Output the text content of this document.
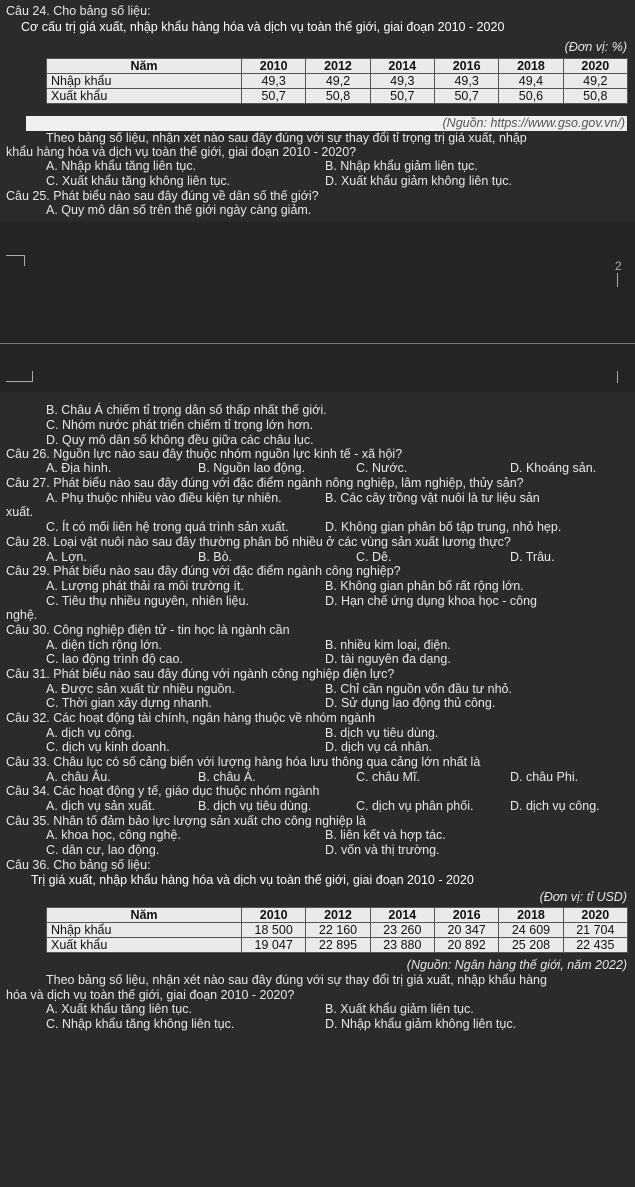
Câu 24. Cho bảng số liệu:
Cơ cấu trị giá xuất, nhập khẩu hàng hóa và dịch vụ toàn thế giới, giai đoạn 2010 - 2020
(Đơn vị: %)
Năm	2010	2012	2014	2016	2018	2020
Nhập khẩu	49,3	49,2	49,3	49,3	49,4	49,2
Xuất khẩu	50,7	50,8	50,7	50,7	50,6	50,8
(Nguồn: https://www.gso.gov.vn/)
Theo bảng số liệu, nhận xét nào sau đây đúng với sự thay đổi tỉ trọng trị giá xuất, nhập
khẩu hàng hóa và dịch vụ toàn thế giới, giai đoạn 2010 - 2020?
A. Nhập khẩu tăng liên tục.	B. Nhập khẩu giảm liên tục.
C. Xuất khẩu tăng không liên tục.	D. Xuất khẩu giảm không liên tục.
Câu 25. Phát biểu nào sau đây đúng về dân số thế giới?
A. Quy mô dân số trên thế giới ngày càng giảm.
2
B. Châu Á chiếm tỉ trọng dân số thấp nhất thế giới.
C. Nhóm nước phát triển chiếm tỉ trọng lớn hơn.
D. Quy mô dân số không đều giữa các châu lục.
Câu 26. Nguồn lực nào sau đây thuộc nhóm nguồn lực kinh tế - xã hội?
A. Địa hình.	B. Nguồn lao động.	C. Nước.	D. Khoáng sản.
Câu 27. Phát biểu nào sau đây đúng với đặc điểm ngành nông nghiệp, lâm nghiệp, thủy sản?
A. Phụ thuộc nhiều vào điều kiện tự nhiên.	B. Các cây trồng vật nuôi là tư liệu sản
xuất.
C. Ít có mối liên hệ trong quá trình sản xuất.	D. Không gian phân bố tập trung, nhỏ hẹp.
Câu 28. Loại vật nuôi nào sau đây thường phân bố nhiều ở các vùng sản xuất lương thực?
A. Lợn.	B. Bò.	C. Dê.	D. Trâu.
Câu 29. Phát biểu nào sau đây đúng với đặc điểm ngành công nghiệp?
A. Lượng phát thải ra môi trường ít.	B. Không gian phân bố rất rộng lớn.
C. Tiêu thụ nhiều nguyên, nhiên liệu.	D. Hạn chế ứng dụng khoa học - công
nghệ.
Câu 30. Công nghiệp điện tử - tin học là ngành cần
A. diện tích rộng lớn.	B. nhiều kim loại, điện.
C. lao động trình độ cao.	D. tài nguyên đa dạng.
Câu 31. Phát biểu nào sau đây đúng với ngành công nghiệp điện lực?
A. Được sản xuất từ nhiều nguồn.	B. Chỉ cần nguồn vốn đầu tư nhỏ.
C. Thời gian xây dựng nhanh.	D. Sử dụng lao động thủ công.
Câu 32. Các hoạt động tài chính, ngân hàng thuộc về nhóm ngành
A. dịch vụ công.	B. dịch vụ tiêu dùng.
C. dịch vụ kinh doanh.	D. dịch vụ cá nhân.
Câu 33. Châu lục có số cảng biển với lượng hàng hóa lưu thông qua cảng lớn nhất là
A. châu Âu.	B. châu Á.	C. châu Mĩ.	D. châu Phi.
Câu 34. Các hoạt động y tế, giáo dục thuộc nhóm ngành
A. dịch vụ sản xuất.	B. dịch vụ tiêu dùng.	C. dịch vụ phân phối.	D. dịch vụ công.
Câu 35. Nhân tố đảm bảo lực lượng sản xuất cho công nghiệp là
A. khoa học, công nghệ.	B. liên kết và hợp tác.
C. dân cư, lao động.	D. vốn và thị trường.
Câu 36. Cho bảng số liệu:
Trị giá xuất, nhập khẩu hàng hóa và dịch vụ toàn thế giới, giai đoạn 2010 - 2020
(Đơn vị: tỉ USD)
Năm	2010	2012	2014	2016	2018	2020
Nhập khẩu	18 500	22 160	23 260	20 347	24 609	21 704
Xuất khẩu	19 047	22 895	23 880	20 892	25 208	22 435
(Nguồn: Ngân hàng thế giới, năm 2022)
Theo bảng số liệu, nhận xét nào sau đây đúng với sự thay đổi trị giá xuất, nhập khẩu hàng
hóa và dịch vụ toàn thế giới, giai đoạn 2010 - 2020?
A. Xuất khẩu tăng liên tục.	B. Xuất khẩu giảm liên tục.
C. Nhập khẩu tăng không liên tục.	D. Nhập khẩu giảm không liên tục.
